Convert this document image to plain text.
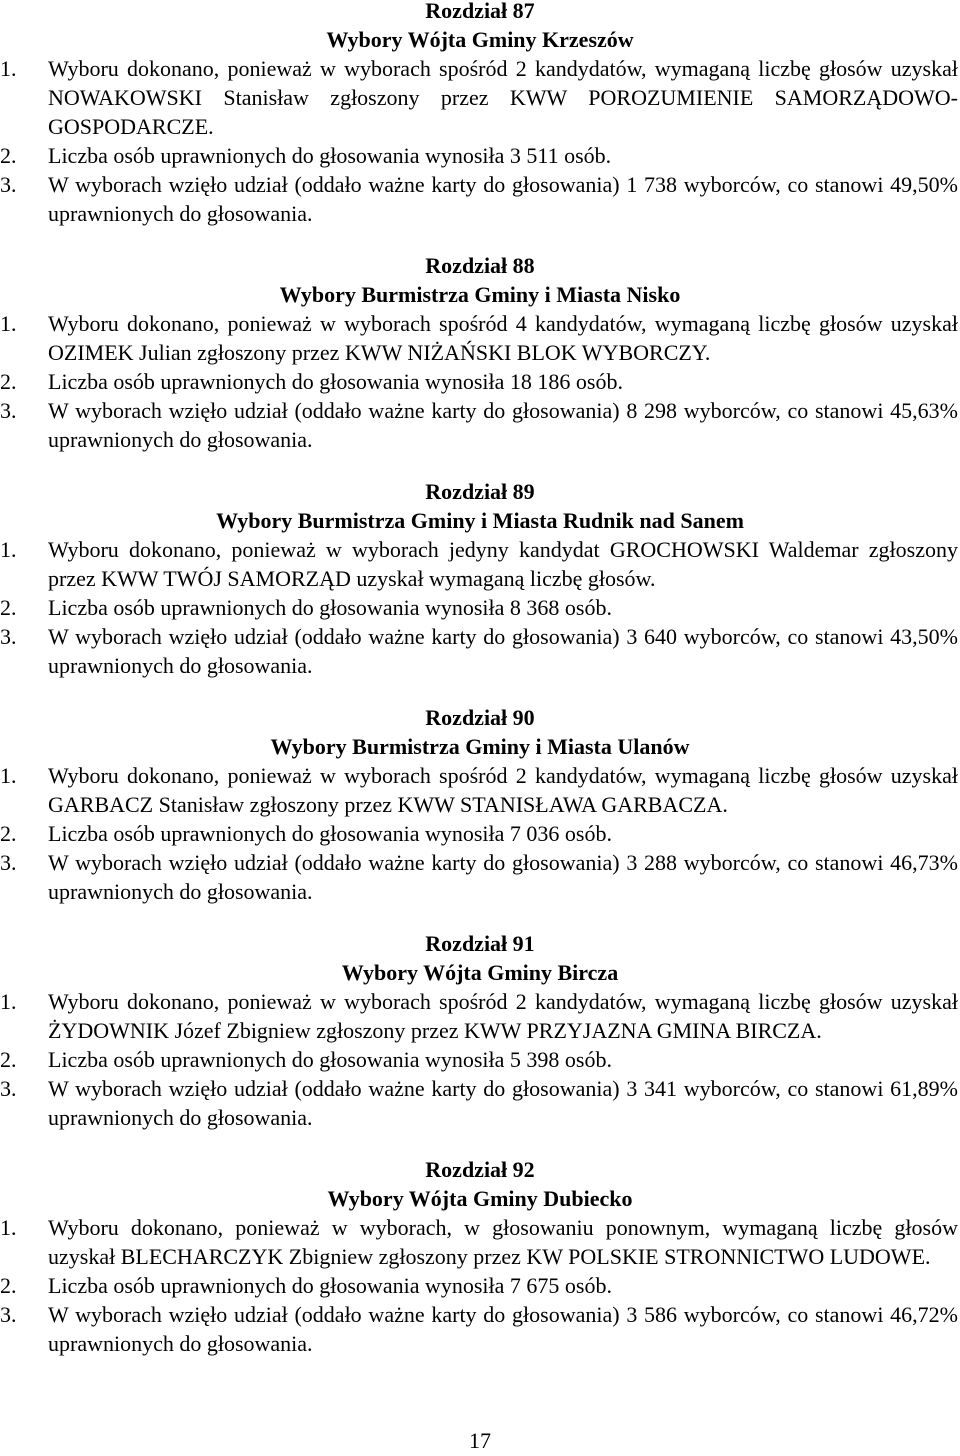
Rozdział 87
Wybory Wójta Gminy Krzeszów
1. Wyboru dokonano, ponieważ w wyborach spośród 2 kandydatów, wymaganą liczbę głosów uzyskał NOWAKOWSKI Stanisław zgłoszony przez KWW POROZUMIENIE SAMORZĄDOWO-GOSPODARCZE.
2. Liczba osób uprawnionych do głosowania wynosiła 3 511 osób.
3. W wyborach wzięło udział (oddało ważne karty do głosowania) 1 738 wyborców, co stanowi 49,50% uprawnionych do głosowania.
Rozdział 88
Wybory Burmistrza Gminy i Miasta Nisko
1. Wyboru dokonano, ponieważ w wyborach spośród 4 kandydatów, wymaganą liczbę głosów uzyskał OZIMEK Julian zgłoszony przez KWW NIŻAŃSKI BLOK WYBORCZY.
2. Liczba osób uprawnionych do głosowania wynosiła 18 186 osób.
3. W wyborach wzięło udział (oddało ważne karty do głosowania) 8 298 wyborców, co stanowi 45,63% uprawnionych do głosowania.
Rozdział 89
Wybory Burmistrza Gminy i Miasta Rudnik nad Sanem
1. Wyboru dokonano, ponieważ w wyborach jedyny kandydat GROCHOWSKI Waldemar zgłoszony przez KWW TWÓJ SAMORZĄD uzyskał wymaganą liczbę głosów.
2. Liczba osób uprawnionych do głosowania wynosiła 8 368 osób.
3. W wyborach wzięło udział (oddało ważne karty do głosowania) 3 640 wyborców, co stanowi 43,50% uprawnionych do głosowania.
Rozdział 90
Wybory Burmistrza Gminy i Miasta Ulanów
1. Wyboru dokonano, ponieważ w wyborach spośród 2 kandydatów, wymaganą liczbę głosów uzyskał GARBACZ Stanisław zgłoszony przez KWW STANISŁAWA GARBACZA.
2. Liczba osób uprawnionych do głosowania wynosiła 7 036 osób.
3. W wyborach wzięło udział (oddało ważne karty do głosowania) 3 288 wyborców, co stanowi 46,73% uprawnionych do głosowania.
Rozdział 91
Wybory Wójta Gminy Bircza
1. Wyboru dokonano, ponieważ w wyborach spośród 2 kandydatów, wymaganą liczbę głosów uzyskał ŻYDOWNIK Józef Zbigniew zgłoszony przez KWW PRZYJAZNA GMINA BIRCZA.
2. Liczba osób uprawnionych do głosowania wynosiła 5 398 osób.
3. W wyborach wzięło udział (oddało ważne karty do głosowania) 3 341 wyborców, co stanowi 61,89% uprawnionych do głosowania.
Rozdział 92
Wybory Wójta Gminy Dubiecko
1. Wyboru dokonano, ponieważ w wyborach, w głosowaniu ponownym, wymaganą liczbę głosów uzyskał BLECHARCZYK Zbigniew zgłoszony przez KW POLSKIE STRONNICTWO LUDOWE.
2. Liczba osób uprawnionych do głosowania wynosiła 7 675 osób.
3. W wyborach wzięło udział (oddało ważne karty do głosowania) 3 586 wyborców, co stanowi 46,72% uprawnionych do głosowania.
17
